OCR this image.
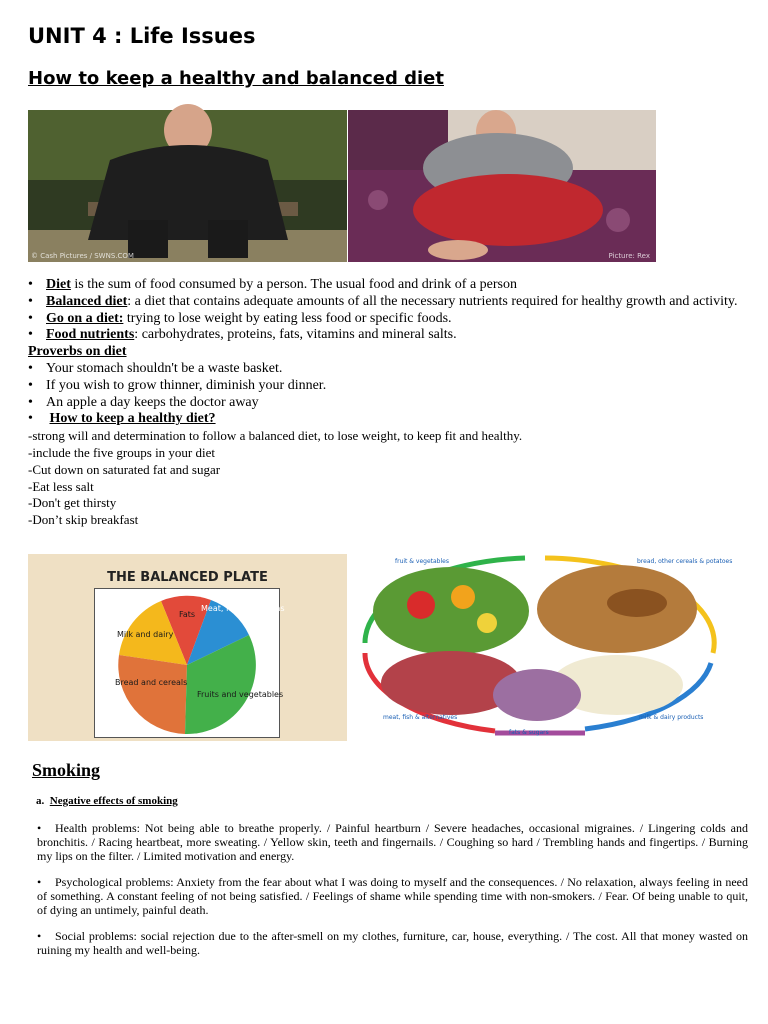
UNIT 4 : Life Issues
How to keep a healthy and balanced diet
© Cash Pictures / SWNS.COM	Picture: Rex
• Diet is the sum of food consumed by a person. The usual food and drink of a person
• Balanced diet: a diet that contains adequate amounts of all the necessary nutrients required for healthy growth and activity.
• Go on a diet: trying to lose weight by eating less food or specific foods.
• Food nutrients: carbohydrates, proteins, fats, vitamins and mineral salts.
Proverbs on diet
• Your stomach shouldn't be a waste basket.
• If you wish to grow thinner, diminish your dinner.
• An apple a day keeps the doctor away
• How to keep a healthy diet?
-strong will and determination to follow a balanced diet, to lose weight, to keep fit and healthy.
-include the five groups in your diet
-Cut down on saturated fat and sugar
-Eat less salt
-Don't get thirsty
-Don’t skip breakfast
THE BALANCED PLATE
Fats
Meat, fish and beans
Milk and dairy
Bread and cereals
Fruits and vegetables
fruit & vegetables	bread, other cereals & potatoes
meat, fish & alternatives	milk & dairy products
fats & sugars
Smoking
a. Negative effects of smoking
• Health problems: Not being able to breathe properly. / Painful heartburn / Severe headaches, occasional migraines. / Lingering colds and bronchitis. / Racing heartbeat, more sweating. / Yellow skin, teeth and fingernails. / Coughing so hard / Trembling hands and fingertips. / Burning my lips on the filter. / Limited motivation and energy.
• Psychological problems: Anxiety from the fear about what I was doing to myself and the consequences. / No relaxation, always feeling in need of something. A constant feeling of not being satisfied. / Feelings of shame while spending time with non-smokers. / Fear. Of being unable to quit, of dying an untimely, painful death.
• Social problems: social rejection due to the after-smell on my clothes, furniture, car, house, everything. / The cost. All that money wasted on ruining my health and well-being.
